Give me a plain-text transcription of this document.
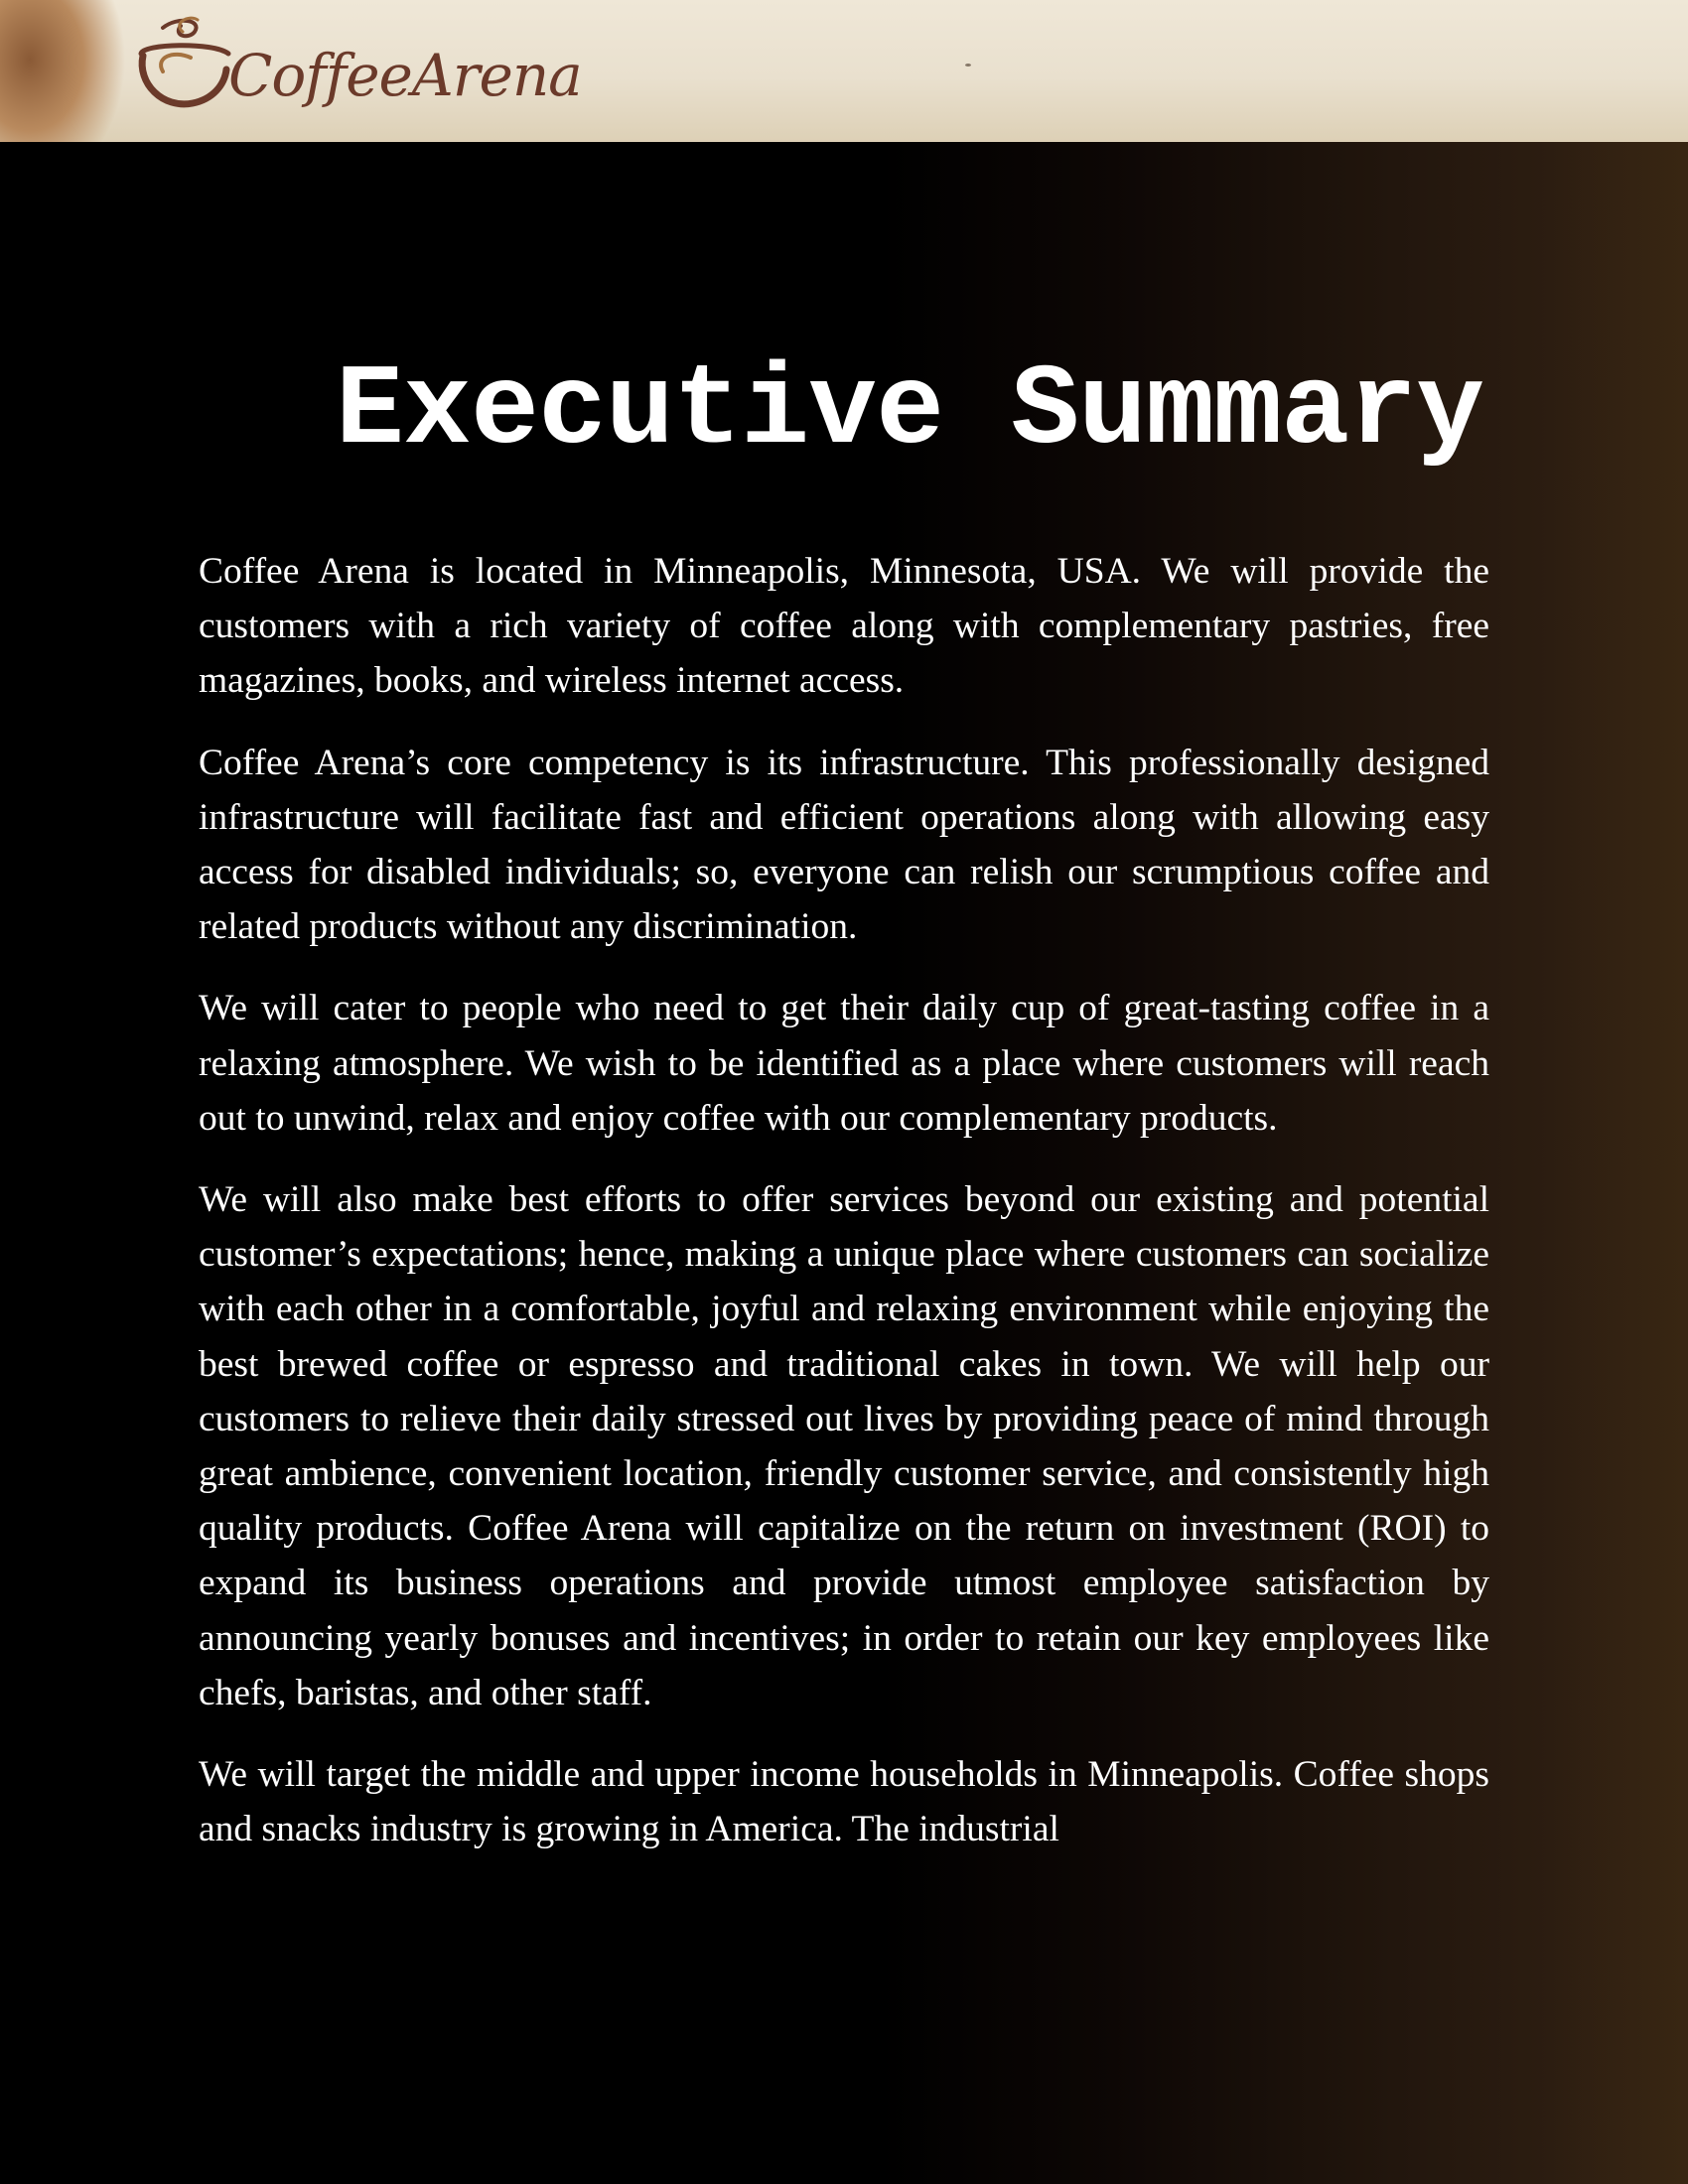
CoffeeArena
Executive Summary

Coffee Arena is located in Minneapolis, Minnesota, USA. We will provide the customers with a rich variety of coffee along with complementary pastries, free magazines, books, and wireless internet access.

Coffee Arena’s core competency is its infrastructure. This professionally designed infrastructure will facilitate fast and efficient operations along with allowing easy access for disabled individuals; so, everyone can relish our scrumptious coffee and related products without any discrimination.

We will cater to people who need to get their daily cup of great-tasting coffee in a relaxing atmosphere. We wish to be identified as a place where customers will reach out to unwind, relax and enjoy coffee with our complementary products.

We will also make best efforts to offer services beyond our existing and potential customer’s expectations; hence, making a unique place where customers can socialize with each other in a comfortable, joyful and relaxing environment while enjoying the best brewed coffee or espresso and traditional cakes in town. We will help our customers to relieve their daily stressed out lives by providing peace of mind through great ambience, convenient location, friendly customer service, and consistently high quality products. Coffee Arena will capitalize on the return on investment (ROI) to expand its business operations and provide utmost employee satisfaction by announcing yearly bonuses and incentives; in order to retain our key employees like chefs, baristas, and other staff.

We will target the middle and upper income households in Minneapolis. Coffee shops and snacks industry is growing in America. The industrial
